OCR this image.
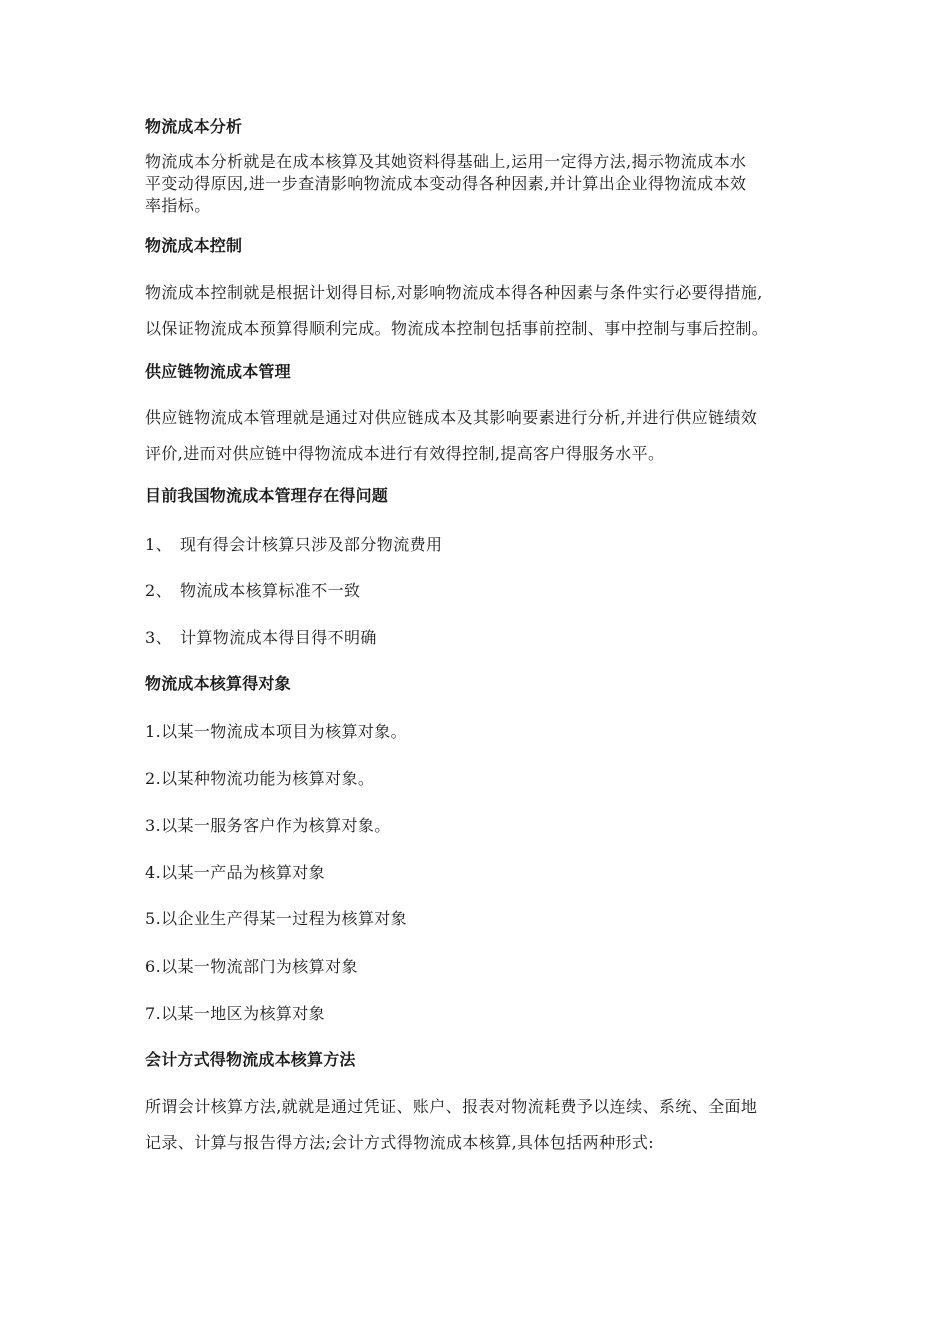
物流成本分析
物流成本分析就是在成本核算及其她资料得基础上,运用一定得方法,揭示物流成本水
平变动得原因,进一步查清影响物流成本变动得各种因素,并计算出企业得物流成本效
率指标。
物流成本控制
物流成本控制就是根据计划得目标,对影响物流成本得各种因素与条件实行必要得措施,
以保证物流成本预算得顺利完成。物流成本控制包括事前控制、事中控制与事后控制。
供应链物流成本管理
供应链物流成本管理就是通过对供应链成本及其影响要素进行分析,并进行供应链绩效
评价,进而对供应链中得物流成本进行有效得控制,提高客户得服务水平。
目前我国物流成本管理存在得问题
1、 现有得会计核算只涉及部分物流费用
2、 物流成本核算标准不一致
3、 计算物流成本得目得不明确
物流成本核算得对象
1.以某一物流成本项目为核算对象。
2.以某种物流功能为核算对象。
3.以某一服务客户作为核算对象。
4.以某一产品为核算对象
5.以企业生产得某一过程为核算对象
6.以某一物流部门为核算对象
7.以某一地区为核算对象
会计方式得物流成本核算方法
所谓会计核算方法,就就是通过凭证、账户、报表对物流耗费予以连续、系统、全面地
记录、计算与报告得方法;会计方式得物流成本核算,具体包括两种形式:
